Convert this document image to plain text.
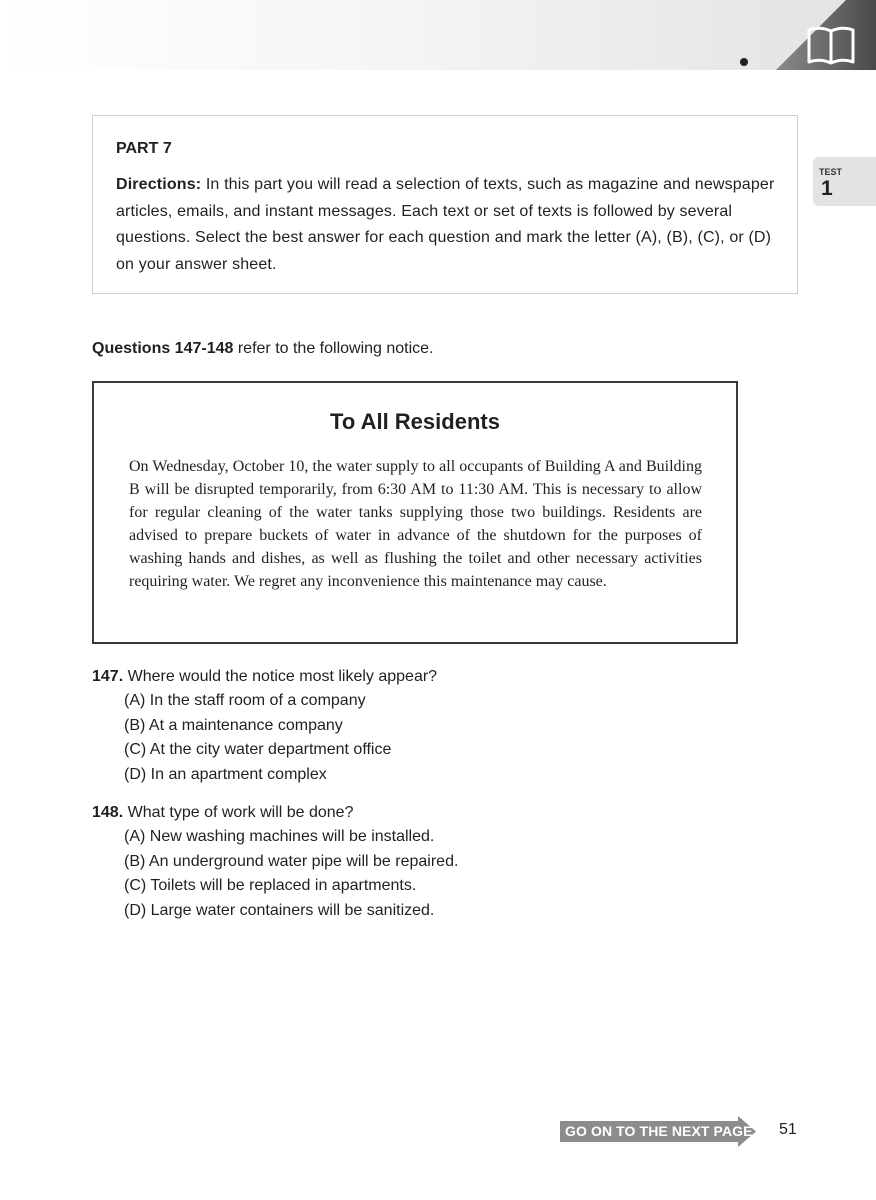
TEST
1

PART 7

Directions: In this part you will read a selection of texts, such as magazine and newspaper articles, emails, and instant messages. Each text or set of texts is followed by several questions. Select the best answer for each question and mark the letter (A), (B), (C), or (D) on your answer sheet.

Questions 147-148 refer to the following notice.
To All Residents

On Wednesday, October 10, the water supply to all occupants of Building A and Building B will be disrupted temporarily, from 6:30 AM to 11:30 AM. This is necessary to allow for regular cleaning of the water tanks supplying those two buildings. Residents are advised to prepare buckets of water in advance of the shutdown for the purposes of washing hands and dishes, as well as flushing the toilet and other necessary activities requiring water. We regret any inconvenience this maintenance may cause.

147. Where would the notice most likely appear?
(A) In the staff room of a company
(B) At a maintenance company
(C) At the city water department office
(D) In an apartment complex
148. What type of work will be done?
(A) New washing machines will be installed.
(B) An underground water pipe will be repaired.
(C) Toilets will be replaced in apartments.
(D) Large water containers will be sanitized.
GO ON TO THE NEXT PAGE 51
